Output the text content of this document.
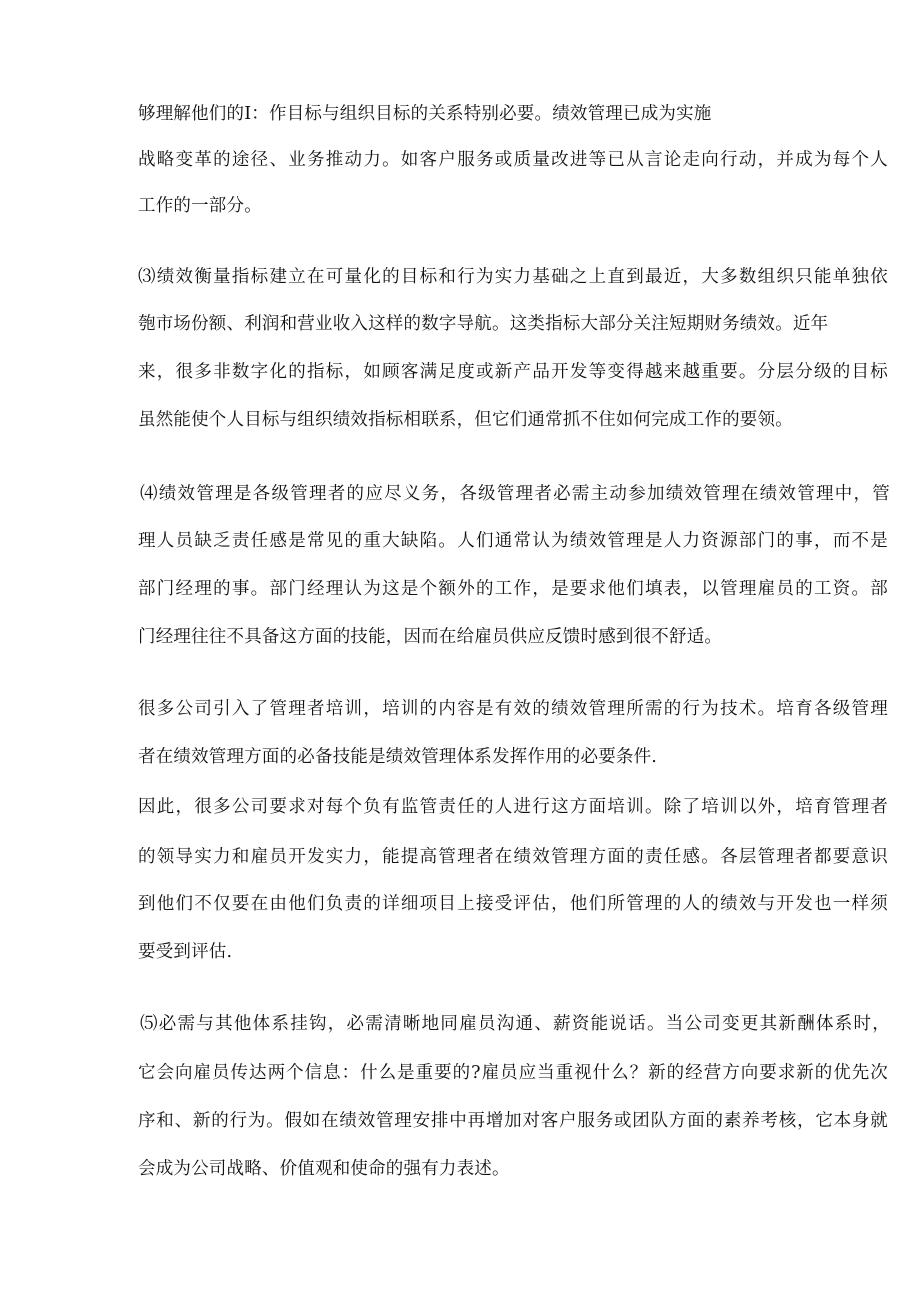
够理解他们的Ⅰ：作目标与组织目标的关系特别必要。绩效管理已成为实施
战略变革的途径、业务推动力。如客户服务或质量改进等已从言论走向行动，并成为每个人
工作的一部分。
⑶绩效衡量指标建立在可量化的目标和行为实力基础之上直到最近，大多数组织只能单独依
匏市场份额、利润和营业收入这样的数字导航。这类指标大部分关注短期财务绩效。近年
来，很多非数字化的指标，如顾客满足度或新产品开发等变得越来越重要。分层分级的目标
虽然能使个人目标与组织绩效指标相联系，但它们通常抓不住如何完成工作的要领。
⑷绩效管理是各级管理者的应尽义务，各级管理者必需主动参加绩效管理在绩效管理中，管
理人员缺乏责任感是常见的重大缺陷。人们通常认为绩效管理是人力资源部门的事，而不是
部门经理的事。部门经理认为这是个额外的工作，是要求他们填表，以管理雇员的工资。部
门经理往往不具备这方面的技能，因而在给雇员供应反馈时感到很不舒适。
很多公司引入了管理者培训，培训的内容是有效的绩效管理所需的行为技术。培育各级管理
者在绩效管理方面的必备技能是绩效管理体系发挥作用的必要条件.
因此，很多公司要求对每个负有监管责任的人进行这方面培训。除了培训以外，培育管理者
的领导实力和雇员开发实力，能提高管理者在绩效管理方面的责任感。各层管理者都要意识
到他们不仅要在由他们负责的详细项目上接受评估，他们所管理的人的绩效与开发也一样须
要受到评估.
⑸必需与其他体系挂钩，必需清晰地同雇员沟通、薪资能说话。当公司变更其新酬体系时，
它会向雇员传达两个信息：什么是重要的?雇员应当重视什么？新的经营方向要求新的优先次
序和、新的行为。假如在绩效管理安排中再增加对客户服务或团队方面的素养考核，它本身就
会成为公司战略、价值观和使命的强有力表述。
